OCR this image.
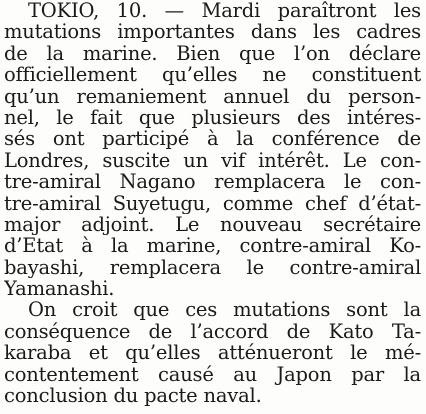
TOKIO, 10. — Mardi paraîtront les
mutations importantes dans les cadres
de la marine. Bien que l’on déclare
officiellement qu’elles ne constituent
qu’un remaniement annuel du person-
nel, le fait que plusieurs des intéres-
sés ont participé à la conférence de
Londres, suscite un vif intérêt. Le con-
tre-amiral Nagano remplacera le con-
tre-amiral Suyetugu, comme chef d’état-
major adjoint. Le nouveau secrétaire
d’Etat à la marine, contre-amiral Ko-
bayashi, remplacera le contre-amiral
Yamanashi.
On croit que ces mutations sont la
conséquence de l’accord de Kato Ta-
karaba et qu’elles atténueront le mé-
contentement causé au Japon par la
conclusion du pacte naval.
